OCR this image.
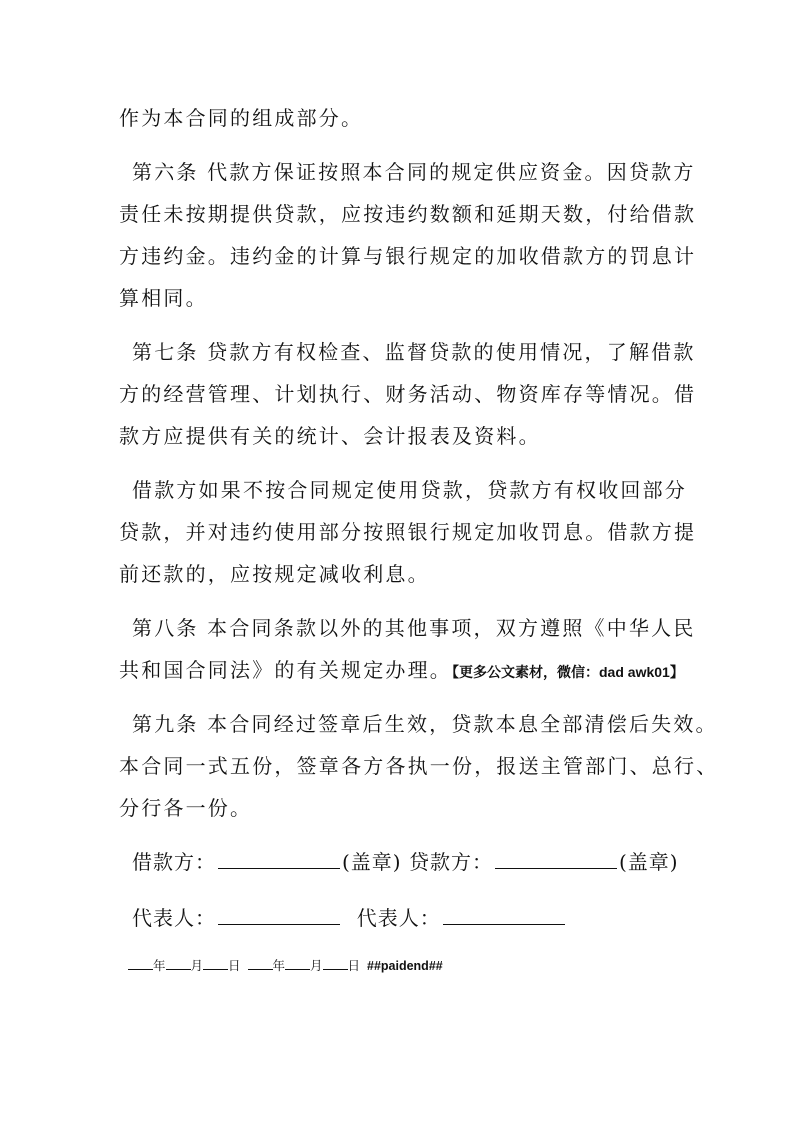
作为本合同的组成部分。
第六条 代款方保证按照本合同的规定供应资金。因贷款方
责任未按期提供贷款，应按违约数额和延期天数，付给借款
方违约金。违约金的计算与银行规定的加收借款方的罚息计
算相同。
第七条 贷款方有权检查、监督贷款的使用情况，了解借款
方的经营管理、计划执行、财务活动、物资库存等情况。借
款方应提供有关的统计、会计报表及资料。
借款方如果不按合同规定使用贷款，贷款方有权收回部分
贷款，并对违约使用部分按照银行规定加收罚息。借款方提
前还款的，应按规定减收利息。
第八条 本合同条款以外的其他事项，双方遵照《中华人民
共和国合同法》的有关规定办理。【更多公文素材，微信：dad awk01】
第九条 本合同经过签章后生效，贷款本息全部清偿后失效。
本合同一式五份，签章各方各执一份，报送主管部门、总行、
分行各一份。
借款方：	(盖章) 贷款方：	(盖章)
代表人：	代表人：
年 月 日	年 月 日 ##paidend##
